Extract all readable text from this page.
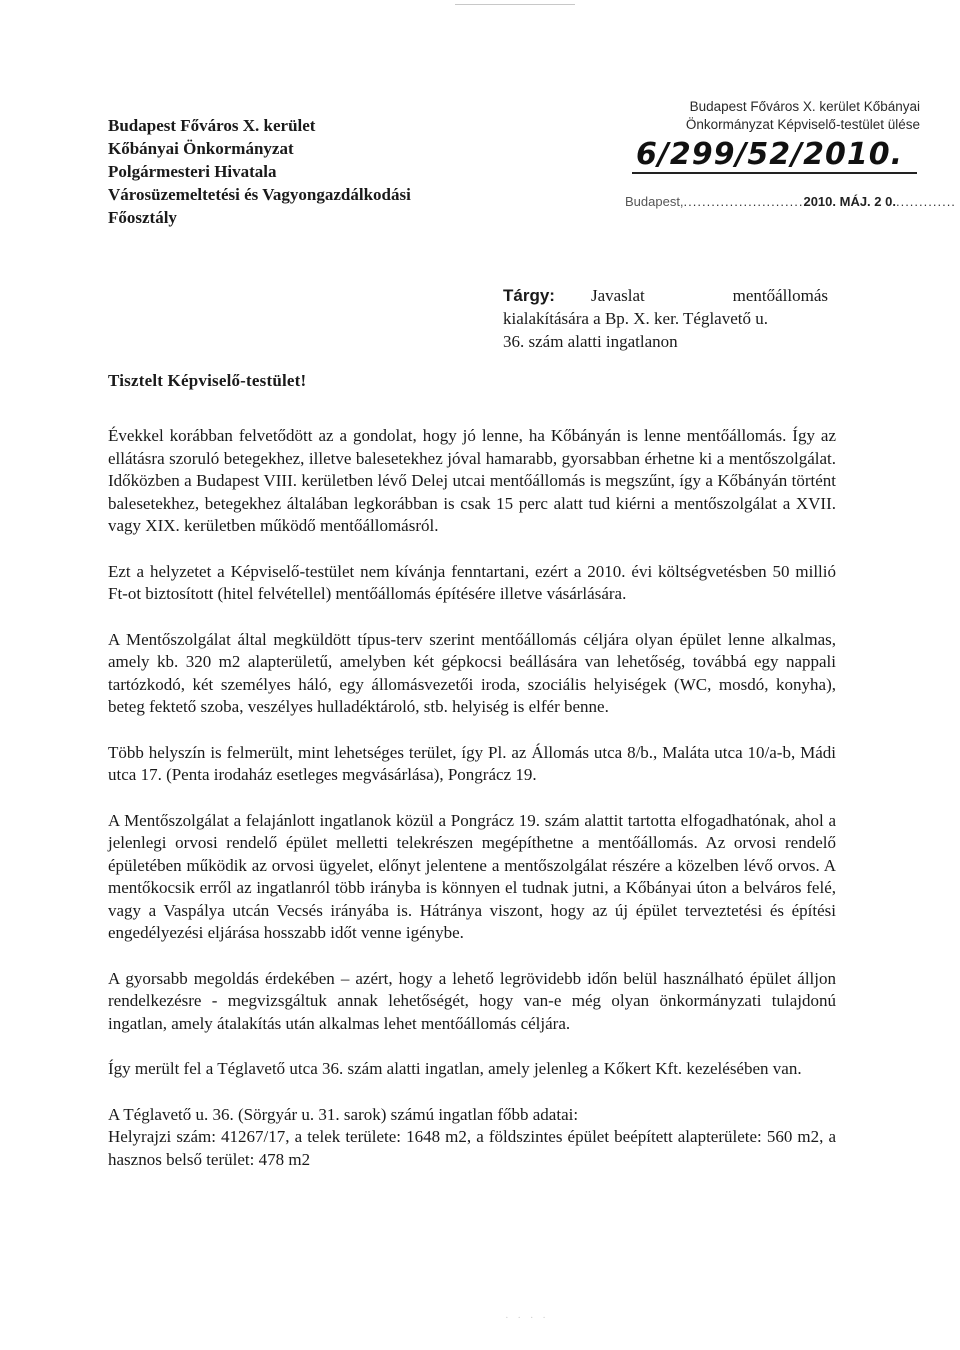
Budapest Főváros X. kerület
Kőbányai Önkormányzat
Polgármesteri Hivatala
Városüzemeltetési és Vagyongazdálkodási
Főosztály
Budapest Főváros X. kerület Kőbányai
Önkormányzat Képviselő-testület ülése
6/299/52/2010.
Budapest,..........................2010. MÁJ. 2 0..............
Tárgy: Javaslat	mentőállomás
kialakítására a Bp. X. ker. Téglavető u.
36. szám alatti ingatlanon
Tisztelt Képviselő-testület!

Évekkel korábban felvetődött az a gondolat, hogy jó lenne, ha Kőbányán is lenne mentőállomás. Így az ellátásra szoruló betegekhez, illetve balesetekhez jóval hamarabb, gyorsabban érhetne ki a mentőszolgálat. Időközben a Budapest VIII. kerületben lévő Delej utcai mentőállomás is megszűnt, így a Kőbányán történt balesetekhez, betegekhez általában legkorábban is csak 15 perc alatt tud kiérni a mentőszolgálat a XVII. vagy XIX. kerületben működő mentőállomásról.

Ezt a helyzetet a Képviselő-testület nem kívánja fenntartani, ezért a 2010. évi költségvetésben 50 millió Ft-ot biztosított (hitel felvétellel) mentőállomás építésére illetve vásárlására.

A Mentőszolgálat által megküldött típus-terv szerint mentőállomás céljára olyan épület lenne alkalmas, amely kb. 320 m2 alapterületű, amelyben két gépkocsi beállására van lehetőség, továbbá egy nappali tartózkodó, két személyes háló, egy állomásvezetői iroda, szociális helyiségek (WC, mosdó, konyha), beteg fektető szoba, veszélyes hulladéktároló, stb. helyiség is elfér benne.

Több helyszín is felmerült, mint lehetséges terület, így Pl. az Állomás utca 8/b., Maláta utca 10/a-b, Mádi utca 17. (Penta irodaház esetleges megvásárlása), Pongrácz 19.

A Mentőszolgálat a felajánlott ingatlanok közül a Pongrácz 19. szám alattit tartotta elfogadhatónak, ahol a jelenlegi orvosi rendelő épület melletti telekrészen megépíthetne a mentőállomás. Az orvosi rendelő épületében működik az orvosi ügyelet, előnyt jelentene a mentőszolgálat részére a közelben lévő orvos. A mentőkocsik erről az ingatlanról több irányba is könnyen el tudnak jutni, a Kőbányai úton a belváros felé, vagy a Vaspálya utcán Vecsés irányába is. Hátránya viszont, hogy az új épület terveztetési és építési engedélyezési eljárása hosszabb időt venne igénybe.

A gyorsabb megoldás érdekében – azért, hogy a lehető legrövidebb időn belül használható épület álljon rendelkezésre - megvizsgáltuk annak lehetőségét, hogy van-e még olyan önkormányzati tulajdonú ingatlan, amely átalakítás után alkalmas lehet mentőállomás céljára.

Így merült fel a Téglavető utca 36. szám alatti ingatlan, amely jelenleg a Kőkert Kft. kezelésében van.

A Téglavető u. 36. (Sörgyár u. 31. sarok) számú ingatlan főbb adatai:
Helyrajzi szám: 41267/17, a telek területe: 1648 m2, a földszintes épület beépített alapterülete: 560 m2, a hasznos belső terület: 478 m2

· · · ·
